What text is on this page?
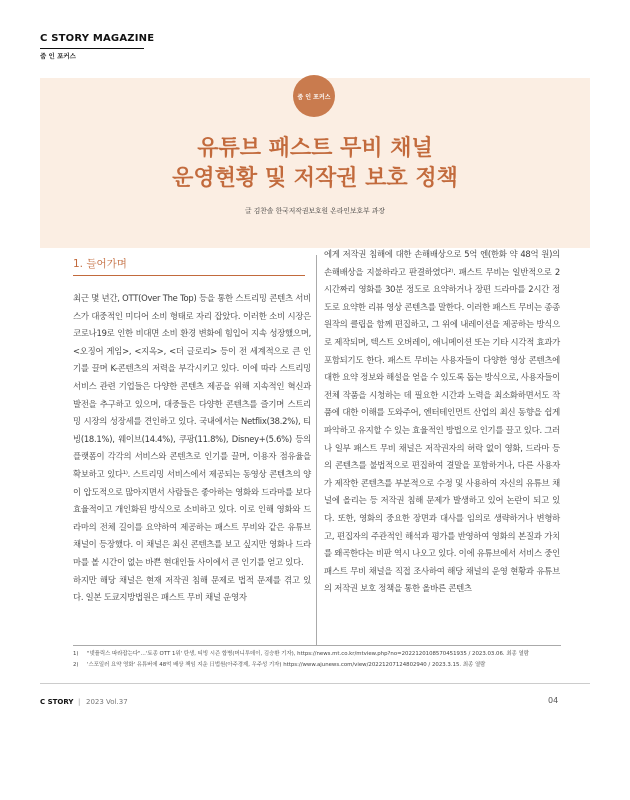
C STORY MAGAZINE
줌 인 포커스
줌 인 포커스
유튜브 패스트 무비 채널
운영현황 및 저작권 보호 정책
글 김찬솔 한국저작권보호원 온라인보호부 과장
1. 들어가며

최근 몇 년간, OTT(Over The Top) 등을 통한 스트리밍 콘텐츠 서비스가 대중적인 미디어 소비 형태로 자리 잡았다. 이러한 소비 시장은 코로나19로 인한 비대면 소비 환경 변화에 힘입어 지속 성장했으며, <오징어 게임>, <지옥>, <더 글로리> 등이 전 세계적으로 큰 인기를 끌며 K-콘텐츠의 저력을 부각시키고 있다. 이에 따라 스트리밍 서비스 관련 기업들은 다양한 콘텐츠 제공을 위해 지속적인 혁신과 발전을 추구하고 있으며, 대중들은 다양한 콘텐츠를 즐기며 스트리밍 시장의 성장세를 견인하고 있다. 국내에서는 Netflix(38.2%), 티빙(18.1%), 웨이브(14.4%), 쿠팡(11.8%), Disney+(5.6%) 등의 플랫폼이 각각의 서비스와 콘텐츠로 인기를 끌며, 이용자 점유율을 확보하고 있다¹⁾. 스트리밍 서비스에서 제공되는 동영상 콘텐츠의 양이 압도적으로 많아지면서 사람들은 좋아하는 영화와 드라마를 보다 효율적이고 개인화된 방식으로 소비하고 있다. 이로 인해 영화와 드라마의 전체 길이를 요약하여 제공하는 패스트 무비와 같은 유튜브 채널이 등장했다. 이 채널은 최신 콘텐츠를 보고 싶지만 영화나 드라마를 볼 시간이 없는 바쁜 현대인들 사이에서 큰 인기를 얻고 있다.

하지만 해당 채널은 현재 저작권 침해 문제로 법적 문제를 겪고 있다. 일본 도쿄지방법원은 패스트 무비 채널 운영자

에게 저작권 침해에 대한 손해배상으로 5억 엔(한화 약 48억 원)의 손해배상을 지불하라고 판결하였다²⁾. 패스트 무비는 일반적으로 2시간짜리 영화를 30분 정도로 요약하거나 장편 드라마를 2시간 정도로 요약한 리뷰 영상 콘텐츠를 말한다. 이러한 패스트 무비는 종종 원작의 클립을 함께 편집하고, 그 위에 내레이션을 제공하는 방식으로 제작되며, 텍스트 오버레이, 애니메이션 또는 기타 시각적 효과가 포함되기도 한다. 패스트 무비는 사용자들이 다양한 영상 콘텐츠에 대한 요약 정보와 해설을 얻을 수 있도록 돕는 방식으로, 사용자들이 전체 작품을 시청하는 데 필요한 시간과 노력을 최소화하면서도 작품에 대한 이해를 도와주어, 엔터테인먼트 산업의 최신 동향을 쉽게 파악하고 유지할 수 있는 효율적인 방법으로 인기를 끌고 있다. 그러나 일부 패스트 무비 채널은 저작권자의 허락 없이 영화, 드라마 등의 콘텐츠를 불법적으로 편집하여 결말을 포함하거나, 다른 사용자가 제작한 콘텐츠를 부분적으로 수정 및 사용하여 자신의 유튜브 채널에 올리는 등 저작권 침해 문제가 발생하고 있어 논란이 되고 있다. 또한, 영화의 중요한 장면과 대사를 임의로 생략하거나 변형하고, 편집자의 주관적인 해석과 평가를 반영하여 영화의 본질과 가치를 왜곡한다는 비판 역시 나오고 있다. 이에 유튜브에서 서비스 중인 패스트 무비 채널을 직접 조사하여 해당 채널의 운영 현황과 유튜브의 저작권 보호 정책을 통한 올바른 콘텐츠

1)	"넷플릭스 따라잡는다"…'토종 OTT 1위' 탄생, 티빙 시즌 합병(머니투데이, 김승환 기자), https://news.mt.co.kr/mtview.php?no=2022120108570451935 / 2023.03.06. 최종 열람
2)	'스포일러 요약 영화' 유튜버에 48억 배상 책임 지운 日법원(아주경제, 우주성 기자) https://www.ajunews.com/view/20221207124802940 / 2023.3.15. 최종 열람
C STORY | 2023 Vol.37	04
